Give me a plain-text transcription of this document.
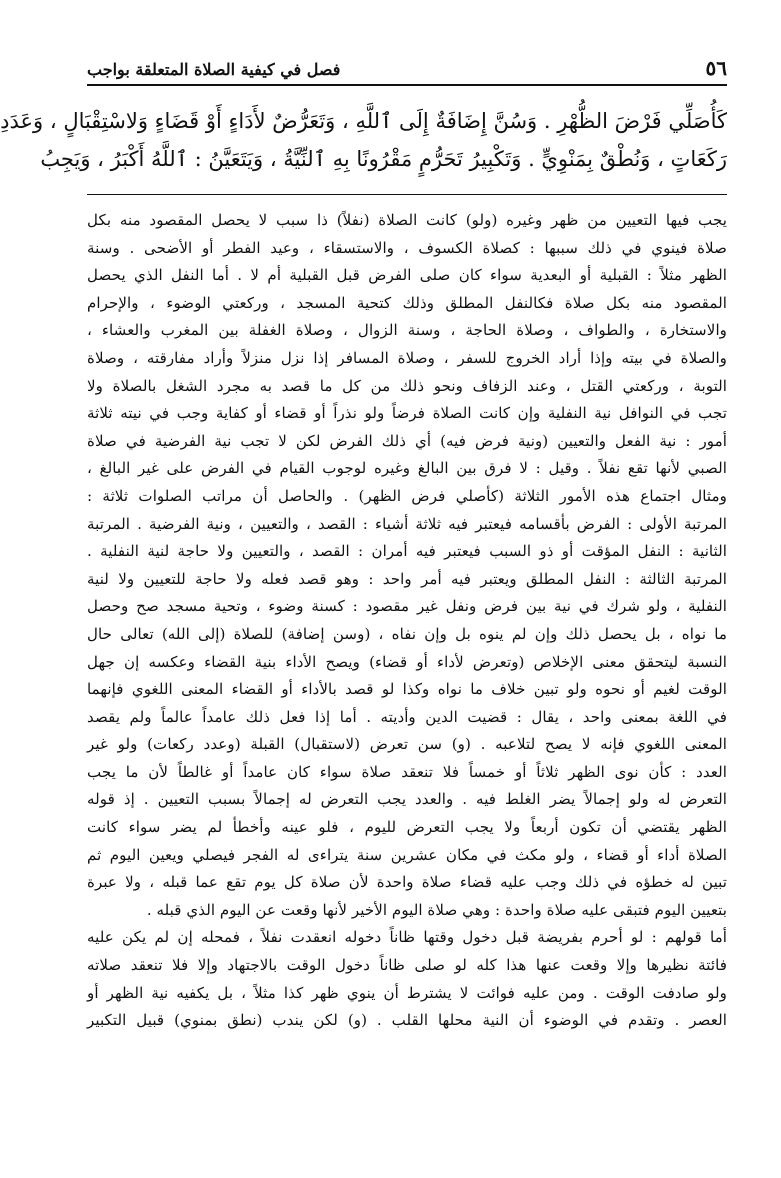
٥٦
فصل في كيفية الصلاة المتعلقة بواجب
كَأُصَلِّي فَرْضَ الظُّهْرِ . وَسُنَّ إِضَافَةٌ إِلَى ٱللَّهِ ، وَتَعَرُّضٌ لأَدَاءٍ أَوْ قَضَاءٍ وَلاسْتِقْبَالٍ ، وَعَدَدِ
رَكَعَاتٍ ، وَنُطْقٌ بِمَنْوِيٍّ . وَتَكْبِيرُ تَحَرُّمٍ مَقْرُونًا بِهِ ٱلنِّيَّةُ ، وَيَتَعَيَّنُ : ٱللَّهُ أَكْبَرُ ، وَيَجِبُ
يجب فيها التعيين من ظهر وغيره (ولو) كانت الصلاة (نفلاً) ذا سبب لا يحصل المقصود منه بكل
صلاة فينوي في ذلك سببها : كصلاة الكسوف ، والاستسقاء ، وعيد الفطر أو الأضحى . وسنة
الظهر مثلاً : القبلية أو البعدية سواء كان صلى الفرض قبل القبلية أم لا . أما النفل الذي يحصل
المقصود منه بكل صلاة فكالنفل المطلق وذلك كتحية المسجد ، وركعتي الوضوء ، والإحرام
والاستخارة ، والطواف ، وصلاة الحاجة ، وسنة الزوال ، وصلاة الغفلة بين المغرب والعشاء ،
والصلاة في بيته وإذا أراد الخروج للسفر ، وصلاة المسافر إذا نزل منزلاً وأراد مفارقته ، وصلاة
التوبة ، وركعتي القتل ، وعند الزفاف ونحو ذلك من كل ما قصد به مجرد الشغل بالصلاة ولا
تجب في النوافل نية النفلية وإن كانت الصلاة فرضاً ولو نذراً أو قضاء أو كفاية وجب في نيته ثلاثة
أمور : نية الفعل والتعيين (ونية فرض فيه) أي ذلك الفرض لكن لا تجب نية الفرضية في صلاة
الصبي لأنها تقع نفلاً . وقيل : لا فرق بين البالغ وغيره لوجوب القيام في الفرض على غير البالغ ،
ومثال اجتماع هذه الأمور الثلاثة (كأصلي فرض الظهر) . والحاصل أن مراتب الصلوات ثلاثة :
المرتبة الأولى : الفرض بأقسامه فيعتبر فيه ثلاثة أشياء : القصد ، والتعيين ، ونية الفرضية . المرتبة
الثانية : النفل المؤقت أو ذو السبب فيعتبر فيه أمران : القصد ، والتعيين ولا حاجة لنية النفلية .
المرتبة الثالثة : النفل المطلق ويعتبر فيه أمر واحد : وهو قصد فعله ولا حاجة للتعيين ولا لنية
النفلية ، ولو شرك في نية بين فرض ونفل غير مقصود : كسنة وضوء ، وتحية مسجد صح وحصل
ما نواه ، بل يحصل ذلك وإن لم ينوه بل وإن نفاه ، (وسن إضافة) للصلاة (إلى الله) تعالى حال
النسبة ليتحقق معنى الإخلاص (وتعرض لأداء أو قضاء) ويصح الأداء بنية القضاء وعكسه إن جهل
الوقت لغيم أو نحوه ولو تبين خلاف ما نواه وكذا لو قصد بالأداء أو القضاء المعنى اللغوي فإنهما
في اللغة بمعنى واحد ، يقال : قضيت الدين وأديته . أما إذا فعل ذلك عامداً عالماً ولم يقصد
المعنى اللغوي فإنه لا يصح لتلاعبه . (و) سن تعرض (لاستقبال) القبلة (وعدد ركعات) ولو غير
العدد : كأن نوى الظهر ثلاثاً أو خمساً فلا تنعقد صلاة سواء كان عامداً أو غالطاً لأن ما يجب
التعرض له ولو إجمالاً يضر الغلط فيه . والعدد يجب التعرض له إجمالاً بسبب التعيين . إذ قوله
الظهر يقتضي أن تكون أربعاً ولا يجب التعرض لليوم ، فلو عينه وأخطأ لم يضر سواء كانت
الصلاة أداء أو قضاء ، ولو مكث في مكان عشرين سنة يتراءى له الفجر فيصلي ويعين اليوم ثم
تبين له خطؤه في ذلك وجب عليه قضاء صلاة واحدة لأن صلاة كل يوم تقع عما قبله ، ولا عبرة
بتعيين اليوم فتبقى عليه صلاة واحدة : وهي صلاة اليوم الأخير لأنها وقعت عن اليوم الذي قبله .
أما قولهم : لو أحرم بفريضة قبل دخول وقتها ظاناً دخوله انعقدت نفلاً ، فمحله إن لم يكن عليه
فائتة نظيرها وإلا وقعت عنها هذا كله لو صلى ظاناً دخول الوقت بالاجتهاد وإلا فلا تنعقد صلاته
ولو صادفت الوقت . ومن عليه فوائت لا يشترط أن ينوي ظهر كذا مثلاً ، بل يكفيه نية الظهر أو
العصر . وتقدم في الوضوء أن النية محلها القلب . (و) لكن يندب (نطق بمنوي) قبيل التكبير
